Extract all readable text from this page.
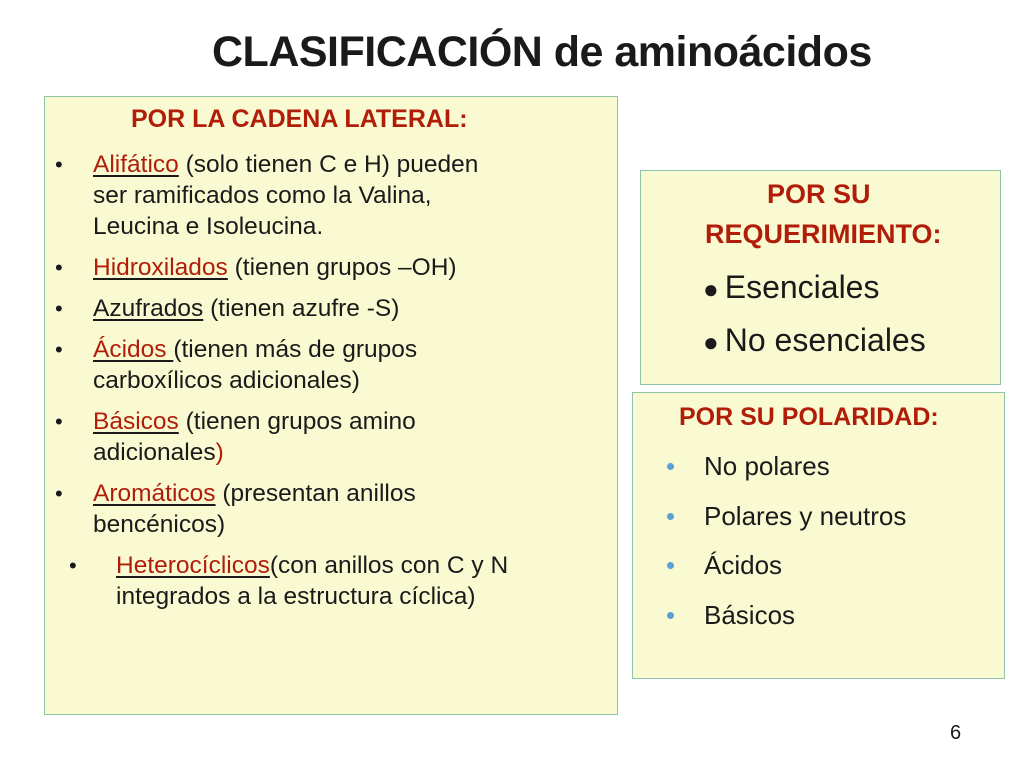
CLASIFICACIÓN de aminoácidos
POR LA CADENA LATERAL:
• Alifático (solo tienen C e H) pueden
ser ramificados como la Valina,
Leucina e Isoleucina.
• Hidroxilados (tienen grupos –OH)
• Azufrados (tienen azufre -S)
• Ácidos (tienen más de grupos
carboxílicos adicionales)
• Básicos (tienen grupos amino
adicionales)
• Aromáticos (presentan anillos
bencénicos)
• Heterocíclicos(con anillos con C y N
integrados a la estructura cíclica)
POR SU
REQUERIMIENTO:
● Esenciales
● No esenciales
POR SU POLARIDAD:
No polares
Polares y neutros
Ácidos
Básicos
6
